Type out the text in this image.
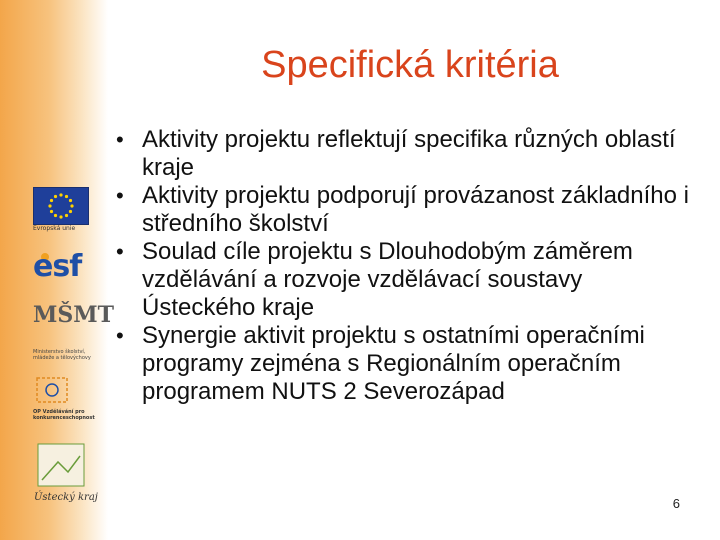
Evropská unie
esf
MŠMT
Ministerstvo školství, mládeže a tělovýchovy
OP Vzdělávání pro konkurenceschopnost
Ústecký kraj
Specifická kritéria
• Aktivity projektu reflektují specifika různých oblastí kraje
• Aktivity projektu podporují provázanost základního i středního školství
• Soulad cíle projektu s Dlouhodobým záměrem vzdělávání a rozvoje vzdělávací soustavy Ústeckého kraje
• Synergie aktivit projektu s ostatními operačními programy zejména s Regionálním operačním programem NUTS 2 Severozápad
6
